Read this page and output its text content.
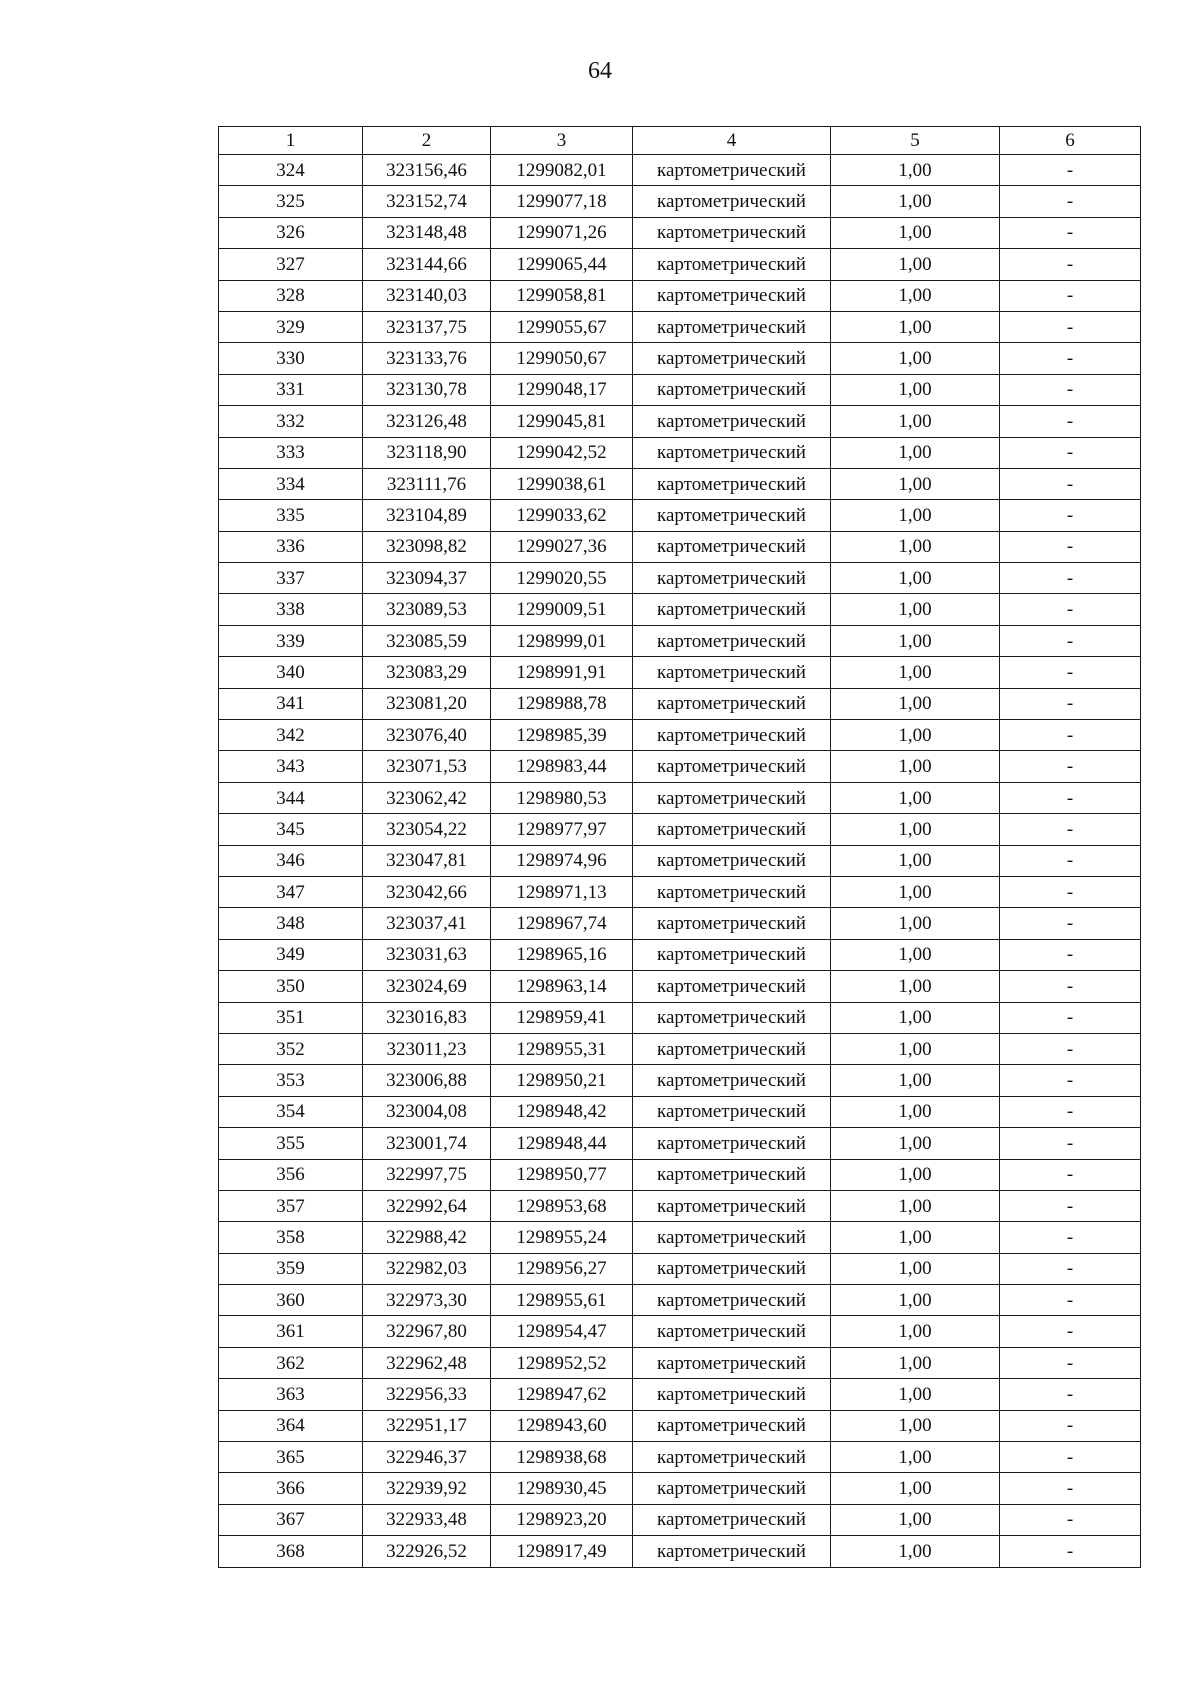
64
1	2	3	4	5	6
324	323156,46	1299082,01	картометрический	1,00	-
325	323152,74	1299077,18	картометрический	1,00	-
326	323148,48	1299071,26	картометрический	1,00	-
327	323144,66	1299065,44	картометрический	1,00	-
328	323140,03	1299058,81	картометрический	1,00	-
329	323137,75	1299055,67	картометрический	1,00	-
330	323133,76	1299050,67	картометрический	1,00	-
331	323130,78	1299048,17	картометрический	1,00	-
332	323126,48	1299045,81	картометрический	1,00	-
333	323118,90	1299042,52	картометрический	1,00	-
334	323111,76	1299038,61	картометрический	1,00	-
335	323104,89	1299033,62	картометрический	1,00	-
336	323098,82	1299027,36	картометрический	1,00	-
337	323094,37	1299020,55	картометрический	1,00	-
338	323089,53	1299009,51	картометрический	1,00	-
339	323085,59	1298999,01	картометрический	1,00	-
340	323083,29	1298991,91	картометрический	1,00	-
341	323081,20	1298988,78	картометрический	1,00	-
342	323076,40	1298985,39	картометрический	1,00	-
343	323071,53	1298983,44	картометрический	1,00	-
344	323062,42	1298980,53	картометрический	1,00	-
345	323054,22	1298977,97	картометрический	1,00	-
346	323047,81	1298974,96	картометрический	1,00	-
347	323042,66	1298971,13	картометрический	1,00	-
348	323037,41	1298967,74	картометрический	1,00	-
349	323031,63	1298965,16	картометрический	1,00	-
350	323024,69	1298963,14	картометрический	1,00	-
351	323016,83	1298959,41	картометрический	1,00	-
352	323011,23	1298955,31	картометрический	1,00	-
353	323006,88	1298950,21	картометрический	1,00	-
354	323004,08	1298948,42	картометрический	1,00	-
355	323001,74	1298948,44	картометрический	1,00	-
356	322997,75	1298950,77	картометрический	1,00	-
357	322992,64	1298953,68	картометрический	1,00	-
358	322988,42	1298955,24	картометрический	1,00	-
359	322982,03	1298956,27	картометрический	1,00	-
360	322973,30	1298955,61	картометрический	1,00	-
361	322967,80	1298954,47	картометрический	1,00	-
362	322962,48	1298952,52	картометрический	1,00	-
363	322956,33	1298947,62	картометрический	1,00	-
364	322951,17	1298943,60	картометрический	1,00	-
365	322946,37	1298938,68	картометрический	1,00	-
366	322939,92	1298930,45	картометрический	1,00	-
367	322933,48	1298923,20	картометрический	1,00	-
368	322926,52	1298917,49	картометрический	1,00	-
